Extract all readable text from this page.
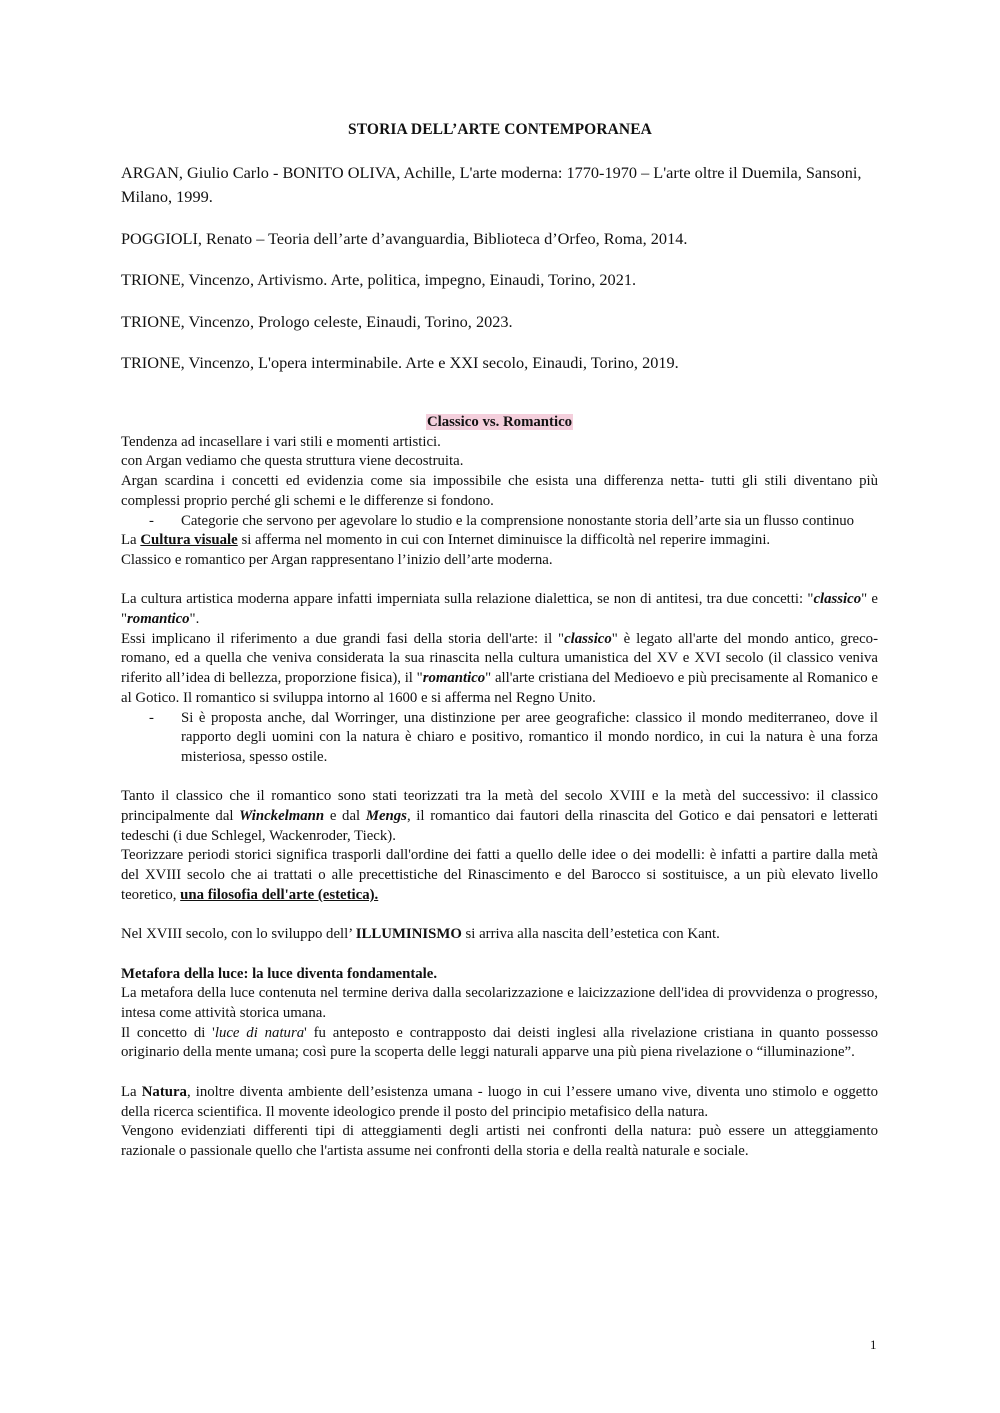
STORIA DELL’ARTE CONTEMPORANEA
ARGAN, Giulio Carlo - BONITO OLIVA, Achille, L'arte moderna: 1770-1970 – L'arte oltre il Duemila, Sansoni, Milano, 1999.
POGGIOLI, Renato – Teoria dell’arte d’avanguardia, Biblioteca d’Orfeo, Roma, 2014.
TRIONE, Vincenzo, Artivismo. Arte, politica, impegno, Einaudi, Torino, 2021.
TRIONE, Vincenzo, Prologo celeste, Einaudi, Torino, 2023.
TRIONE, Vincenzo, L'opera interminabile. Arte e XXI secolo, Einaudi, Torino, 2019.

Classico vs. Romantico

Tendenza ad incasellare i vari stili e momenti artistici.

con Argan vediamo che questa struttura viene decostruita.

Argan scardina i concetti ed evidenzia come sia impossibile che esista una differenza netta- tutti gli stili diventano più complessi proprio perché gli schemi e le differenze si fondono.

-	Categorie che servono per agevolare lo studio e la comprensione nonostante storia dell’arte sia un flusso continuo

La Cultura visuale si afferma nel momento in cui con Internet diminuisce la difficoltà nel reperire immagini.

Classico e romantico per Argan rappresentano l’inizio dell’arte moderna.

La cultura artistica moderna appare infatti imperniata sulla relazione dialettica, se non di antitesi, tra due concetti: "classico" e "romantico".

Essi implicano il riferimento a due grandi fasi della storia dell'arte: il "classico" è legato all'arte del mondo antico, greco-romano, ed a quella che veniva considerata la sua rinascita nella cultura umanistica del XV e XVI secolo (il classico veniva riferito all’idea di bellezza, proporzione fisica), il "romantico" all'arte cristiana del Medioevo e più precisamente al Romanico e al Gotico. Il romantico si sviluppa intorno al 1600 e si afferma nel Regno Unito.

-	Si è proposta anche, dal Worringer, una distinzione per aree geografiche: classico il mondo mediterraneo, dove il rapporto degli uomini con la natura è chiaro e positivo, romantico il mondo nordico, in cui la natura è una forza misteriosa, spesso ostile.

Tanto il classico che il romantico sono stati teorizzati tra la metà del secolo XVIII e la metà del successivo: il classico principalmente dal Winckelmann e dal Mengs, il romantico dai fautori della rinascita del Gotico e dai pensatori e letterati tedeschi (i due Schlegel, Wackenroder, Tieck).

Teorizzare periodi storici significa trasporli dall'ordine dei fatti a quello delle idee o dei modelli: è infatti a partire dalla metà del XVIII secolo che ai trattati o alle precettistiche del Rinascimento e del Barocco si sostituisce, a un più elevato livello teoretico, una filosofia dell'arte (estetica).

Nel XVIII secolo, con lo sviluppo dell’ ILLUMINISMO si arriva alla nascita dell’estetica con Kant.

Metafora della luce: la luce diventa fondamentale.

La metafora della luce contenuta nel termine deriva dalla secolarizzazione e laicizzazione dell'idea di provvidenza o progresso, intesa come attività storica umana.

Il concetto di 'luce di natura' fu anteposto e contrapposto dai deisti inglesi alla rivelazione cristiana in quanto possesso originario della mente umana; così pure la scoperta delle leggi naturali apparve una più piena rivelazione o “illuminazione”.

La Natura, inoltre diventa ambiente dell’esistenza umana - luogo in cui l’essere umano vive, diventa uno stimolo e oggetto della ricerca scientifica. Il movente ideologico prende il posto del principio metafisico della natura.

Vengono evidenziati differenti tipi di atteggiamenti degli artisti nei confronti della natura: può essere un atteggiamento razionale o passionale quello che l'artista assume nei confronti della storia e della realtà naturale e sociale.

1
